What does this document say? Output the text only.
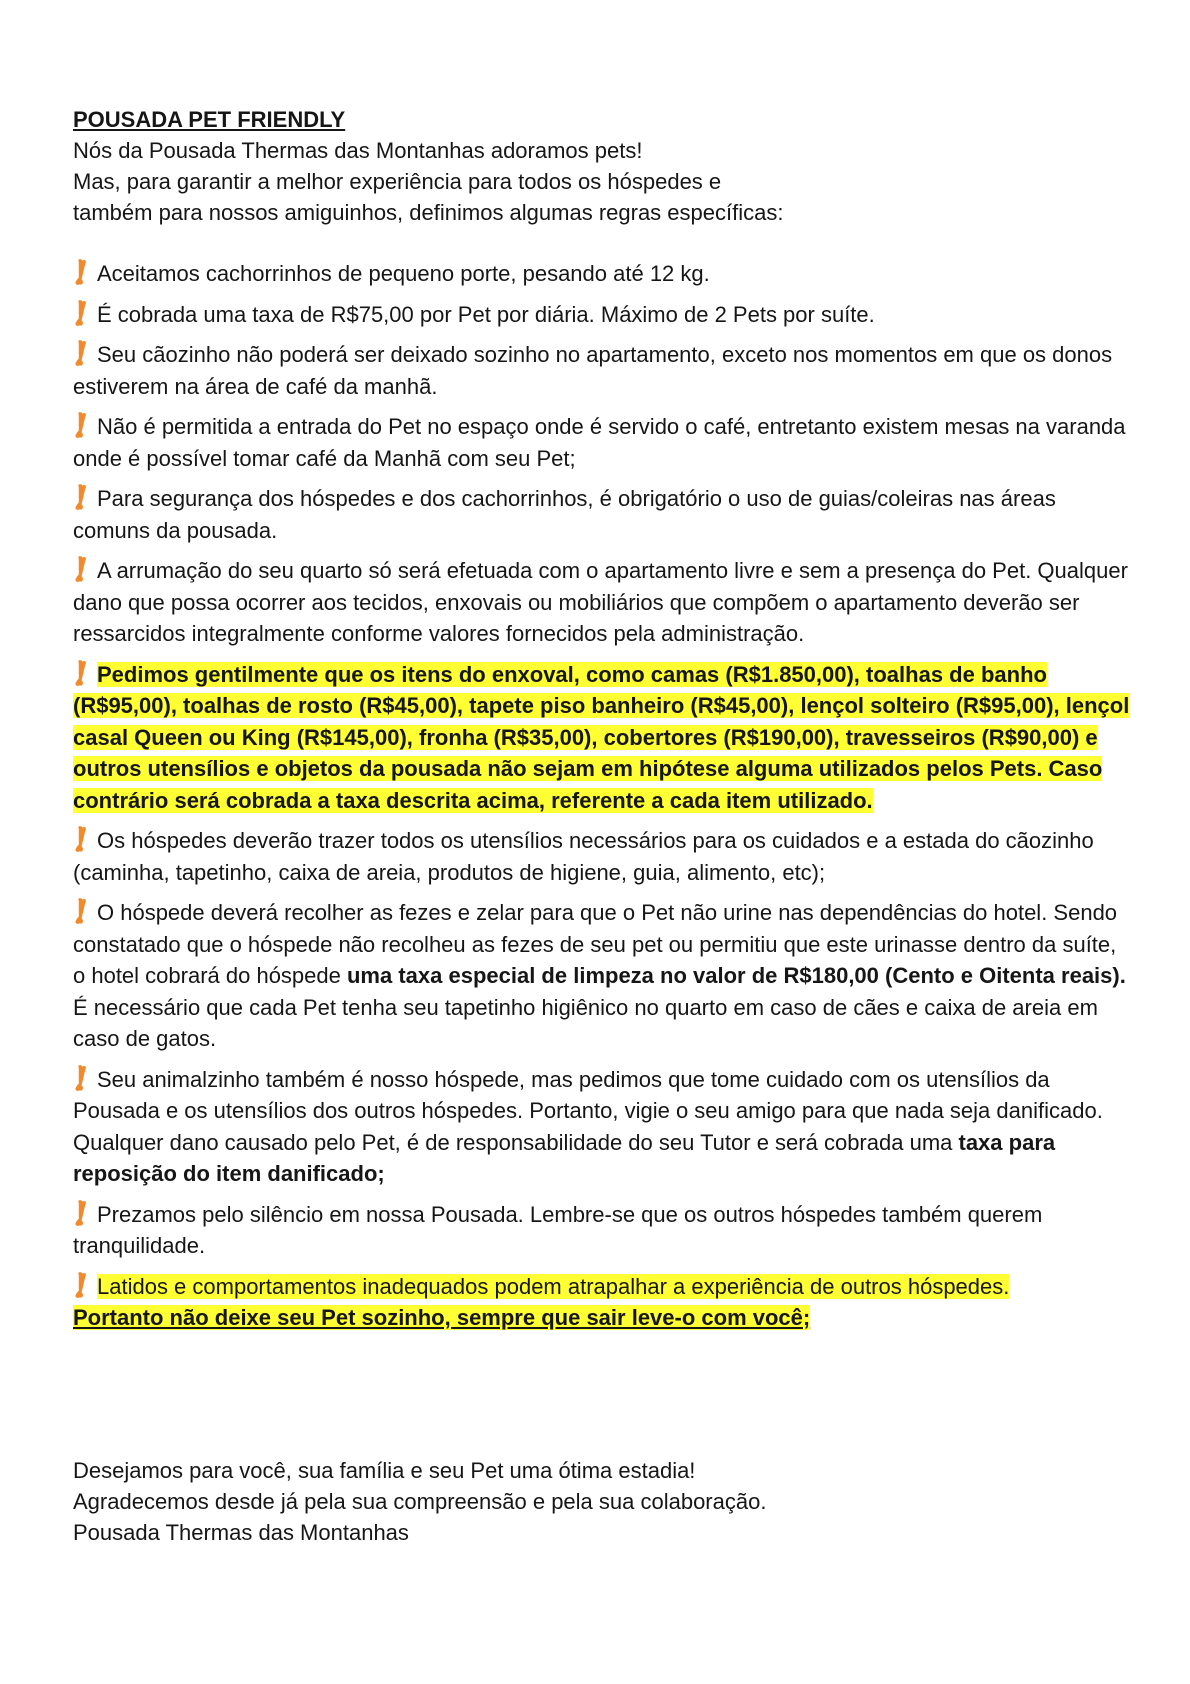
POUSADA PET FRIENDLY

Nós da Pousada Thermas das Montanhas adoramos pets!

Mas, para garantir a melhor experiência para todos os hóspedes e

também para nossos amiguinhos, definimos algumas regras específicas:

Aceitamos cachorrinhos de pequeno porte, pesando até 12 kg.

É cobrada uma taxa de R$75,00 por Pet por diária. Máximo de 2 Pets por suíte.

Seu cãozinho não poderá ser deixado sozinho no apartamento, exceto nos momentos em que os donos estiverem na área de café da manhã.

Não é permitida a entrada do Pet no espaço onde é servido o café, entretanto existem mesas na varanda onde é possível tomar café da Manhã com seu Pet;

Para segurança dos hóspedes e dos cachorrinhos, é obrigatório o uso de guias/coleiras nas áreas comuns da pousada.

A arrumação do seu quarto só será efetuada com o apartamento livre e sem a presença do Pet. Qualquer dano que possa ocorrer aos tecidos, enxovais ou mobiliários que compõem o apartamento deverão ser ressarcidos integralmente conforme valores fornecidos pela administração.

Pedimos gentilmente que os itens do enxoval, como camas (R$1.850,00), toalhas de banho (R$95,00), toalhas de rosto (R$45,00), tapete piso banheiro (R$45,00), lençol solteiro (R$95,00), lençol casal Queen ou King (R$145,00), fronha (R$35,00), cobertores (R$190,00), travesseiros (R$90,00) e outros utensílios e objetos da pousada não sejam em hipótese alguma utilizados pelos Pets. Caso contrário será cobrada a taxa descrita acima, referente a cada item utilizado.

Os hóspedes deverão trazer todos os utensílios necessários para os cuidados e a estada do cãozinho (caminha, tapetinho, caixa de areia, produtos de higiene, guia, alimento, etc);

O hóspede deverá recolher as fezes e zelar para que o Pet não urine nas dependências do hotel. Sendo constatado que o hóspede não recolheu as fezes de seu pet ou permitiu que este urinasse dentro da suíte, o hotel cobrará do hóspede uma taxa especial de limpeza no valor de R$180,00 (Cento e Oitenta reais). É necessário que cada Pet tenha seu tapetinho higiênico no quarto em caso de cães e caixa de areia em caso de gatos.

Seu animalzinho também é nosso hóspede, mas pedimos que tome cuidado com os utensílios da Pousada e os utensílios dos outros hóspedes. Portanto, vigie o seu amigo para que nada seja danificado. Qualquer dano causado pelo Pet, é de responsabilidade do seu Tutor e será cobrada uma taxa para reposição do item danificado;

Prezamos pelo silêncio em nossa Pousada. Lembre-se que os outros hóspedes também querem tranquilidade.

Latidos e comportamentos inadequados podem atrapalhar a experiência de outros hóspedes.
Portanto não deixe seu Pet sozinho, sempre que sair leve-o com você;

Desejamos para você, sua família e seu Pet uma ótima estadia!

Agradecemos desde já pela sua compreensão e pela sua colaboração.

Pousada Thermas das Montanhas
